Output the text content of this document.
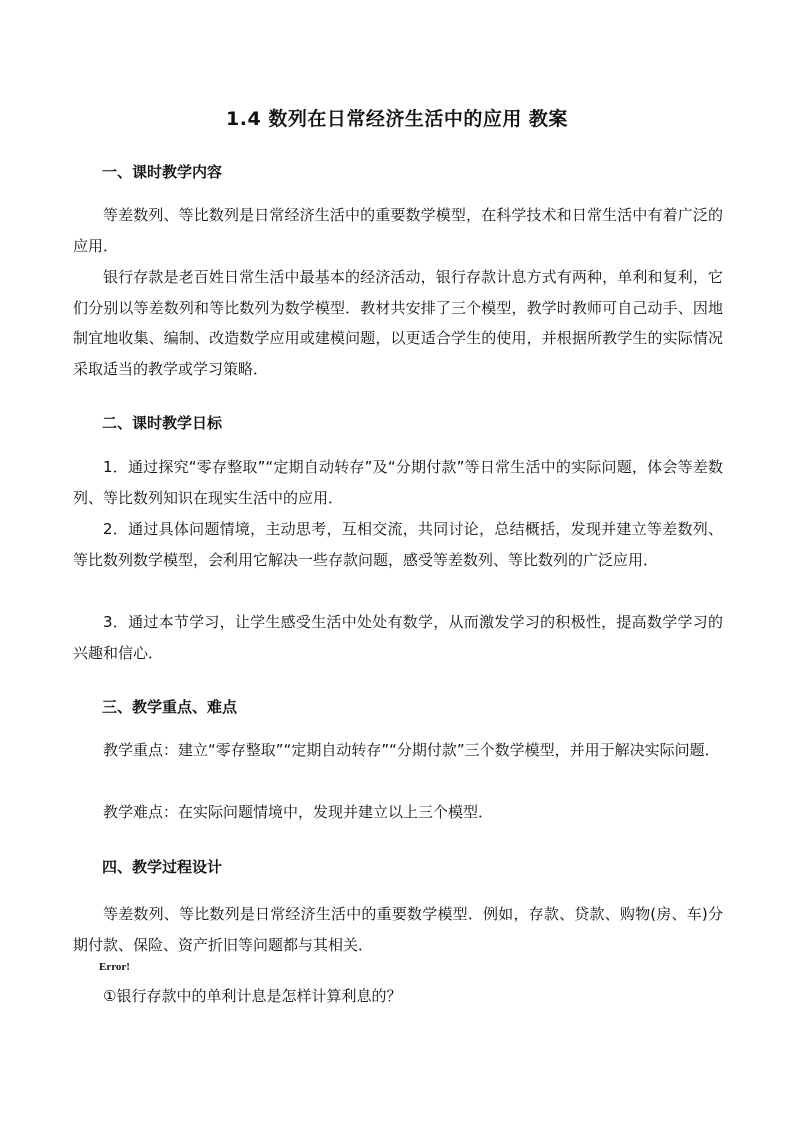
1.4 数列在日常经济生活中的应用 教案
一、课时教学内容
等差数列、等比数列是日常经济生活中的重要数学模型，在科学技术和日常生活中有着广泛的应用．
银行存款是老百姓日常生活中最基本的经济活动，银行存款计息方式有两种，单利和复利，它们分别以等差数列和等比数列为数学模型．教材共安排了三个模型，教学时教师可自己动手、因地制宜地收集、编制、改造数学应用或建模问题，以更适合学生的使用，并根据所教学生的实际情况采取适当的教学或学习策略．
二、课时教学日标
1．通过探究“零存整取”“定期自动转存”及“分期付款”等日常生活中的实际问题，体会等差数列、等比数列知识在现实生活中的应用．
2．通过具体问题情境，主动思考，互相交流，共同讨论，总结概括，发现并建立等差数列、等比数列数学模型，会利用它解决一些存款问题，感受等差数列、等比数列的广泛应用．
3．通过本节学习，让学生感受生活中处处有数学，从而激发学习的积极性，提高数学学习的兴趣和信心．
三、教学重点、难点
教学重点：建立“零存整取”“定期自动转存”“分期付款”三个数学模型，并用于解决实际问题．
教学难点：在实际问题情境中，发现并建立以上三个模型．
四、教学过程设计
等差数列、等比数列是日常经济生活中的重要数学模型．例如，存款、贷款、购物(房、车)分期付款、保险、资产折旧等问题都与其相关．
Error!
①银行存款中的单利计息是怎样计算利息的？
